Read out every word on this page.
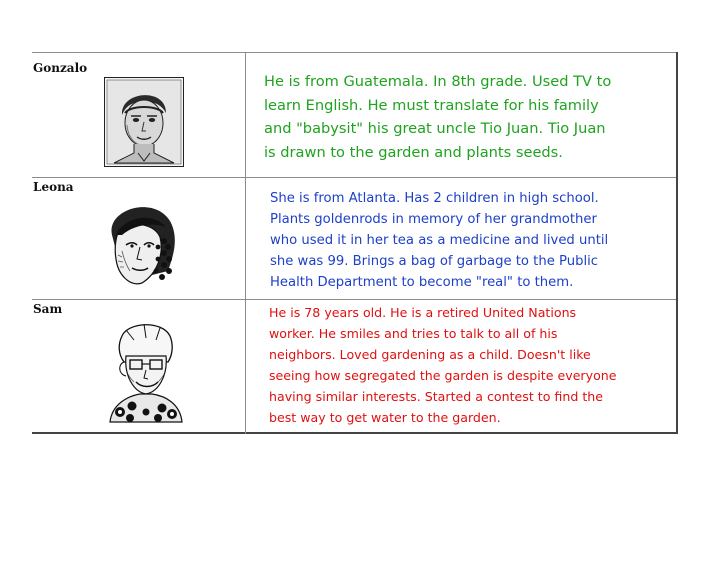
Gonzalo
He is from Guatemala. In 8th grade. Used TV to
learn English. He must translate for his family
and "babysit" his great uncle Tio Juan. Tio Juan
is drawn to the garden and plants seeds.
Leona
She is from Atlanta. Has 2 children in high school.
Plants goldenrods in memory of her grandmother
who used it in her tea as a medicine and lived until
she was 99. Brings a bag of garbage to the Public
Health Department to become "real" to them.
Sam	He is 78 years old. He is a retired United Nations
worker. He smiles and tries to talk to all of his
neighbors. Loved gardening as a child. Doesn't like
seeing how segregated the garden is despite everyone
having similar interests. Started a contest to find the
best way to get water to the garden.
